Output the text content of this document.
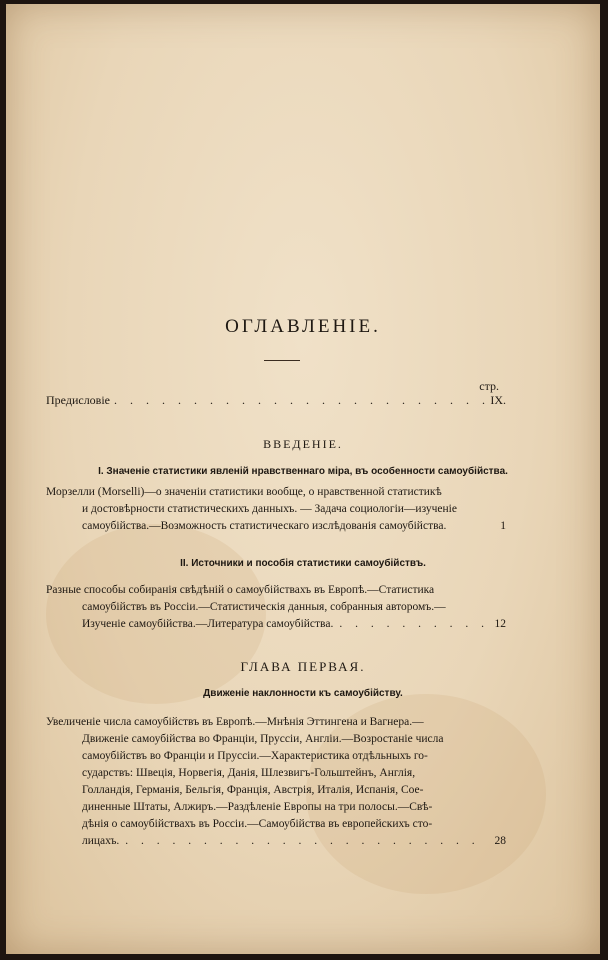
ОГЛАВЛЕНIЕ.
стр.
Предисловiе . . .	IX.
ВВЕДЕНIЕ.
I. Значенiе статистики явленiй нравственнаго мiра, въ особенности самоубiйства.
Морзелли (Morselli)—о значенiи статистики вообще, о нравственной статистикѣ
и достовѣрности статистическихъ данныхъ. — Задача социологiи—изученiе
самоубiйства.—Возможность статистическаго изслѣдованiя самоубiйства.	1
II. Источники и пособiя статистики самоубiйствъ.
Разные способы собиранiя свѣдѣнiй о самоубiйствахъ въ Европѣ.—Статистика
самоубiйствъ въ Россiи.—Статистическiя данныя, собранныя авторомъ.—
Изученiе самоубiйства.—Литература самоубiйства. . . .	12
ГЛАВА ПЕРВАЯ.
Движенiе наклонности къ самоубiйству.
Увеличенiе числа самоубiйствъ въ Европѣ.—Мнѣнiя Эттингена и Вагнера.—
Движенiе самоубiйства во Францiи, Пруссiи, Англiи.—Возростанiе числа
самоубiйствъ во Францiи и Пруссiи.—Характеристика отдѣльныхъ го-
сударствъ: Швецiя, Норвегiя, Данiя, Шлезвигъ-Гольштейнъ, Англiя,
Голландiя, Германiя, Бельгiя, Францiя, Австрiя, Италiя, Испанiя, Сое-
диненные Штаты, Алжиръ.—Раздѣленiе Европы на три полосы.—Свѣ-
дѣнiя о самоубiйствахъ въ Россiи.—Самоубiйства въ европейскихъ сто-
лицахъ. . . .	28
